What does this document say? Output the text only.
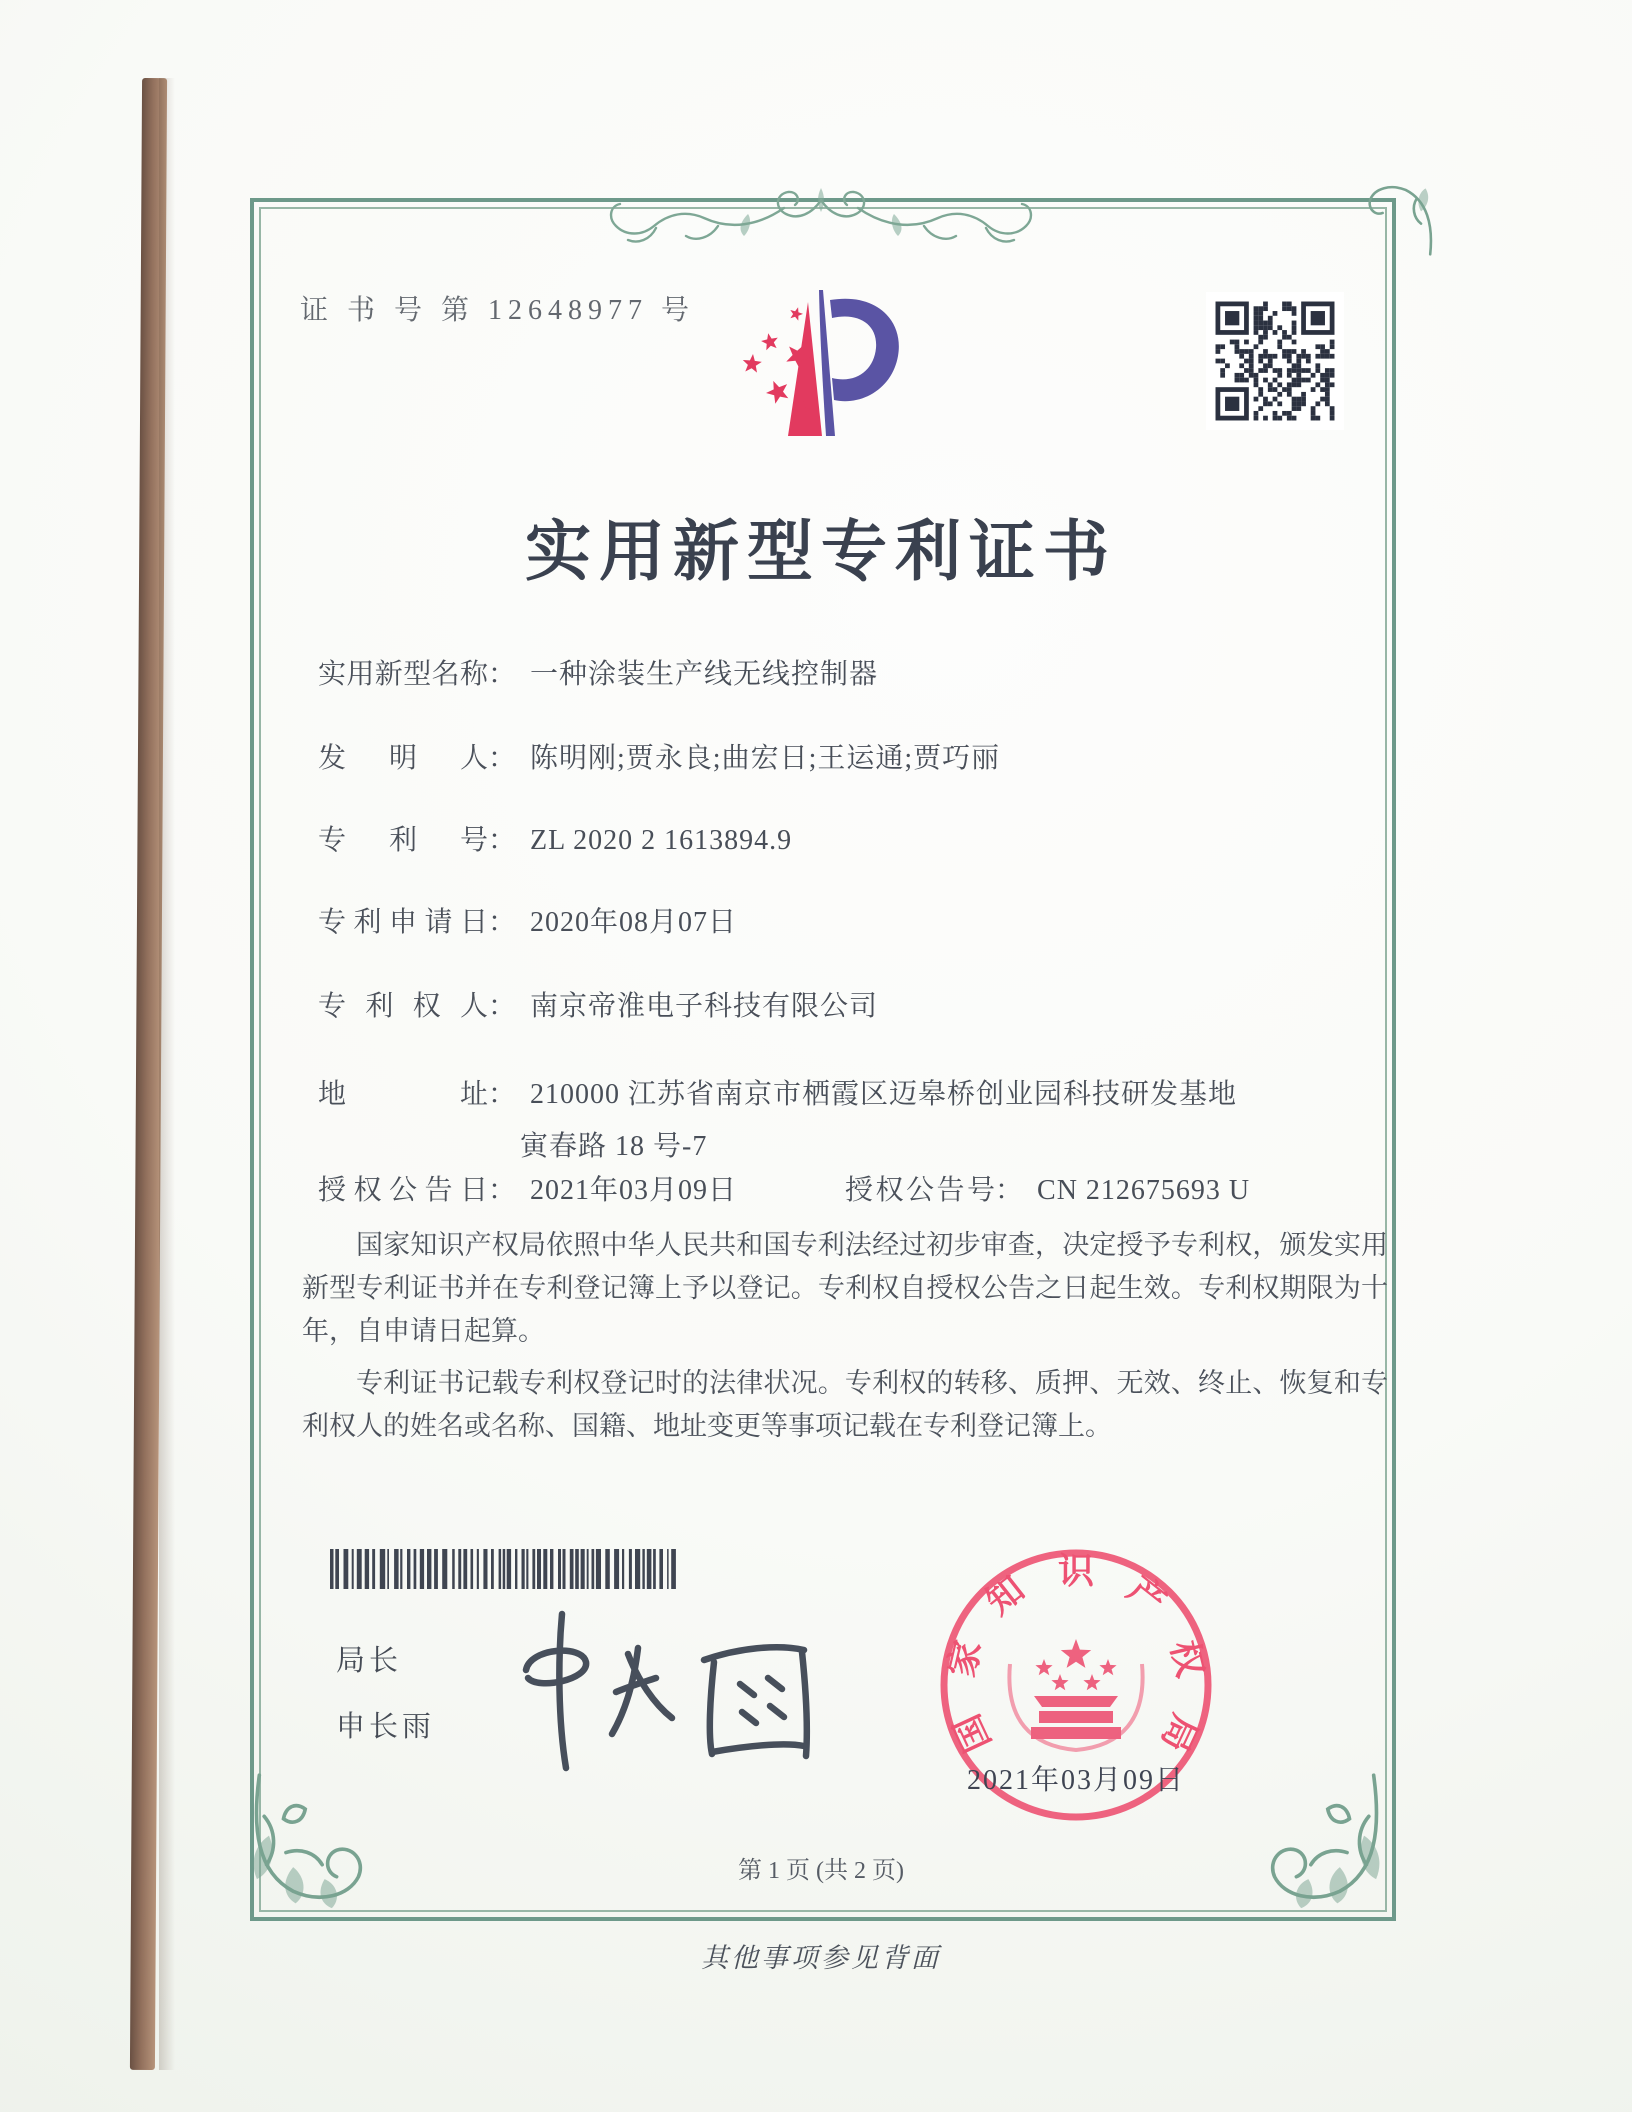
证 书 号 第 12648977 号
实用新型专利证书
实用新型名称： 一种涂装生产线无线控制器
发明人： 陈明刚;贾永良;曲宏日;王运通;贾巧丽
专利号： ZL 2020 2 1613894.9
专利申请日： 2020年08月07日
专利权人： 南京帝淮电子科技有限公司
地址： 210000 江苏省南京市栖霞区迈皋桥创业园科技研发基地
寅春路 18 号-7
授权公告日： 2021年03月09日	授权公告号： CN 212675693 U

国家知识产权局依照中华人民共和国专利法经过初步审查，决定授予专利权，颁发实用新型专利证书并在专利登记簿上予以登记。专利权自授权公告之日起生效。专利权期限为十年，自申请日起算。

专利证书记载专利权登记时的法律状况。专利权的转移、质押、无效、终止、恢复和专利权人的姓名或名称、国籍、地址变更等事项记载在专利登记簿上。

局长
申长雨	国
家
知 识 产
权
局
2021年03月09日
第 1 页 (共 2 页)
其他事项参见背面
